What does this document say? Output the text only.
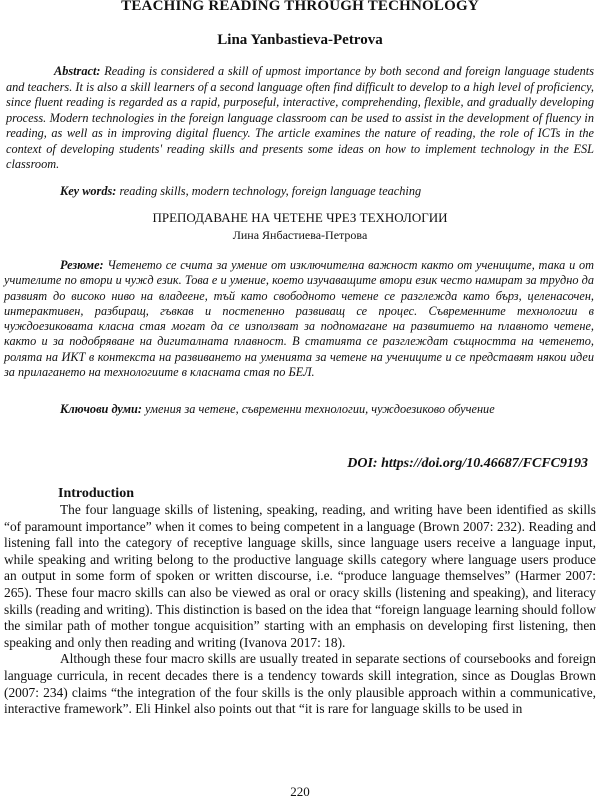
TEACHING READING THROUGH TECHNOLOGY
Lina Yanbastieva-Petrova

Abstract: Reading is considered a skill of upmost importance by both second and foreign language students and teachers. It is also a skill learners of a second language often find difficult to develop to a high level of proficiency, since fluent reading is regarded as a rapid, purposeful, interactive, comprehending, flexible, and gradually developing process. Modern technologies in the foreign language classroom can be used to assist in the development of fluency in reading, as well as in improving digital fluency. The article examines the nature of reading, the role of ICTs in the context of developing students' reading skills and presents some ideas on how to implement technology in the ESL classroom.

Key words: reading skills, modern technology, foreign language teaching

ПРЕПОДАВАНЕ НА ЧЕТЕНЕ ЧРЕЗ ТЕХНОЛОГИИ
Лина Янбастиева-Петрова

Резюме: Четенето се счита за умение от изключителна важност както от учениците, така и от учителите по втори и чужд език. Това е и умение, което изучаващите втори език често намират за трудно да развият до високо ниво на владеене, тъй като свободното четене се разглежда като бърз, целенасочен, интерактивен, разбиращ, гъвкав и постепенно развиващ се процес. Съвременните технологии в чуждоезиковата класна стая могат да се използват за подпомагане на развитието на плавното четене, както и за подобряване на дигиталната плавност. В статията се разглеждат същността на четенето, ролята на ИКТ в контекста на развиването на уменията за четене на учениците и се представят някои идеи за прилагането на технологиите в класната стая по БЕЛ.

Ключови думи: умения за четене, съвременни технологии, чуждоезиково обучение

DOI: https://doi.org/10.46687/FCFC9193
Introduction

The four language skills of listening, speaking, reading, and writing have been identified as skills “of paramount importance” when it comes to being competent in a language (Brown 2007: 232). Reading and listening fall into the category of receptive language skills, since language users receive a language input, while speaking and writing belong to the productive language skills category where language users produce an output in some form of spoken or written discourse, i.e. “produce language themselves” (Harmer 2007: 265). These four macro skills can also be viewed as oral or oracy skills (listening and speaking), and literacy skills (reading and writing). This distinction is based on the idea that “foreign language learning should follow the similar path of mother tongue acquisition” starting with an emphasis on developing first listening, then speaking and only then reading and writing (Ivanova 2017: 18).

Although these four macro skills are usually treated in separate sections of coursebooks and foreign language curricula, in recent decades there is a tendency towards skill integration, since as Douglas Brown (2007: 234) claims “the integration of the four skills is the only plausible approach within a communicative, interactive framework”. Eli Hinkel also points out that “it is rare for language skills to be used in

220
